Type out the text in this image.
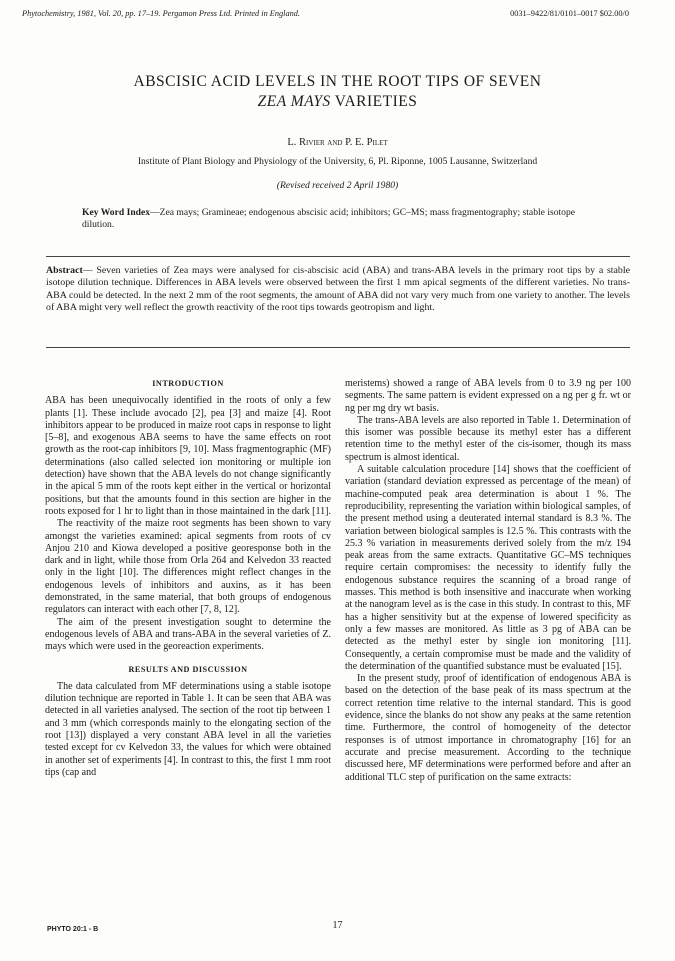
Phytochemistry, 1981, Vol. 20, pp. 17–19. Pergamon Press Ltd. Printed in England.	0031–9422/81/0101–0017 $02.00/0
ABSCISIC ACID LEVELS IN THE ROOT TIPS OF SEVEN
ZEA MAYS VARIETIES
L. Rivier and P. E. Pilet
Institute of Plant Biology and Physiology of the University, 6, Pl. Riponne, 1005 Lausanne, Switzerland
(Revised received 2 April 1980)
Key Word Index—Zea mays; Gramineae; endogenous abscisic acid; inhibitors; GC–MS; mass fragmentography; stable isotope dilution.
Abstract— Seven varieties of Zea mays were analysed for cis-abscisic acid (ABA) and trans-ABA levels in the primary root tips by a stable isotope dilution technique. Differences in ABA levels were observed between the first 1 mm apical segments of the different varieties. No trans-ABA could be detected. In the next 2 mm of the root segments, the amount of ABA did not vary very much from one variety to another. The levels of ABA might very well reflect the growth reactivity of the root tips towards geotropism and light.
INTRODUCTION

ABA has been unequivocally identified in the roots of only a few plants [1]. These include avocado [2], pea [3] and maize [4]. Root inhibitors appear to be produced in maize root caps in response to light [5–8], and exogenous ABA seems to have the same effects on root growth as the root-cap inhibitors [9, 10]. Mass fragmentographic (MF) determinations (also called selected ion monitoring or multiple ion detection) have shown that the ABA levels do not change significantly in the apical 5 mm of the roots kept either in the vertical or horizontal positions, but that the amounts found in this section are higher in the roots exposed for 1 hr to light than in those maintained in the dark [11].

The reactivity of the maize root segments has been shown to vary amongst the varieties examined: apical segments from roots of cv Anjou 210 and Kiowa developed a positive georesponse both in the dark and in light, while those from Orla 264 and Kelvedon 33 reacted only in the light [10]. The differences might reflect changes in the endogenous levels of inhibitors and auxins, as it has been demonstrated, in the same material, that both groups of endogenous regulators can interact with each other [7, 8, 12].

The aim of the present investigation sought to determine the endogenous levels of ABA and trans-ABA in the several varieties of Z. mays which were used in the georeaction experiments.

RESULTS AND DISCUSSION

The data calculated from MF determinations using a stable isotope dilution technique are reported in Table 1. It can be seen that ABA was detected in all varieties analysed. The section of the root tip between 1 and 3 mm (which corresponds mainly to the elongating section of the root [13]) displayed a very constant ABA level in all the varieties tested except for cv Kelvedon 33, the values for which were obtained in another set of experiments [4]. In contrast to this, the first 1 mm root tips (cap and

meristems) showed a range of ABA levels from 0 to 3.9 ng per 100 segments. The same pattern is evident expressed on a ng per g fr. wt or ng per mg dry wt basis.

The trans-ABA levels are also reported in Table 1. Determination of this isomer was possible because its methyl ester has a different retention time to the methyl ester of the cis-isomer, though its mass spectrum is almost identical.

A suitable calculation procedure [14] shows that the coefficient of variation (standard deviation expressed as percentage of the mean) of machine-computed peak area determination is about 1 %. The reproducibility, representing the variation within biological samples, of the present method using a deuterated internal standard is 8.3 %. The variation between biological samples is 12.5 %. This contrasts with the 25.3 % variation in measurements derived solely from the m/z 194 peak areas from the same extracts. Quantitative GC–MS techniques require certain compromises: the necessity to identify fully the endogenous substance requires the scanning of a broad range of masses. This method is both insensitive and inaccurate when working at the nanogram level as is the case in this study. In contrast to this, MF has a higher sensitivity but at the expense of lowered specificity as only a few masses are monitored. As little as 3 pg of ABA can be detected as the methyl ester by single ion monitoring [11]. Consequently, a certain compromise must be made and the validity of the determination of the quantified substance must be evaluated [15].

In the present study, proof of identification of endogenous ABA is based on the detection of the base peak of its mass spectrum at the correct retention time relative to the internal standard. This is good evidence, since the blanks do not show any peaks at the same retention time. Furthermore, the control of homogeneity of the detector responses is of utmost importance in chromatography [16] for an accurate and precise measurement. According to the technique discussed here, MF determinations were performed before and after an additional TLC step of purification on the same extracts:

PHYTO 20:1 - B	17
